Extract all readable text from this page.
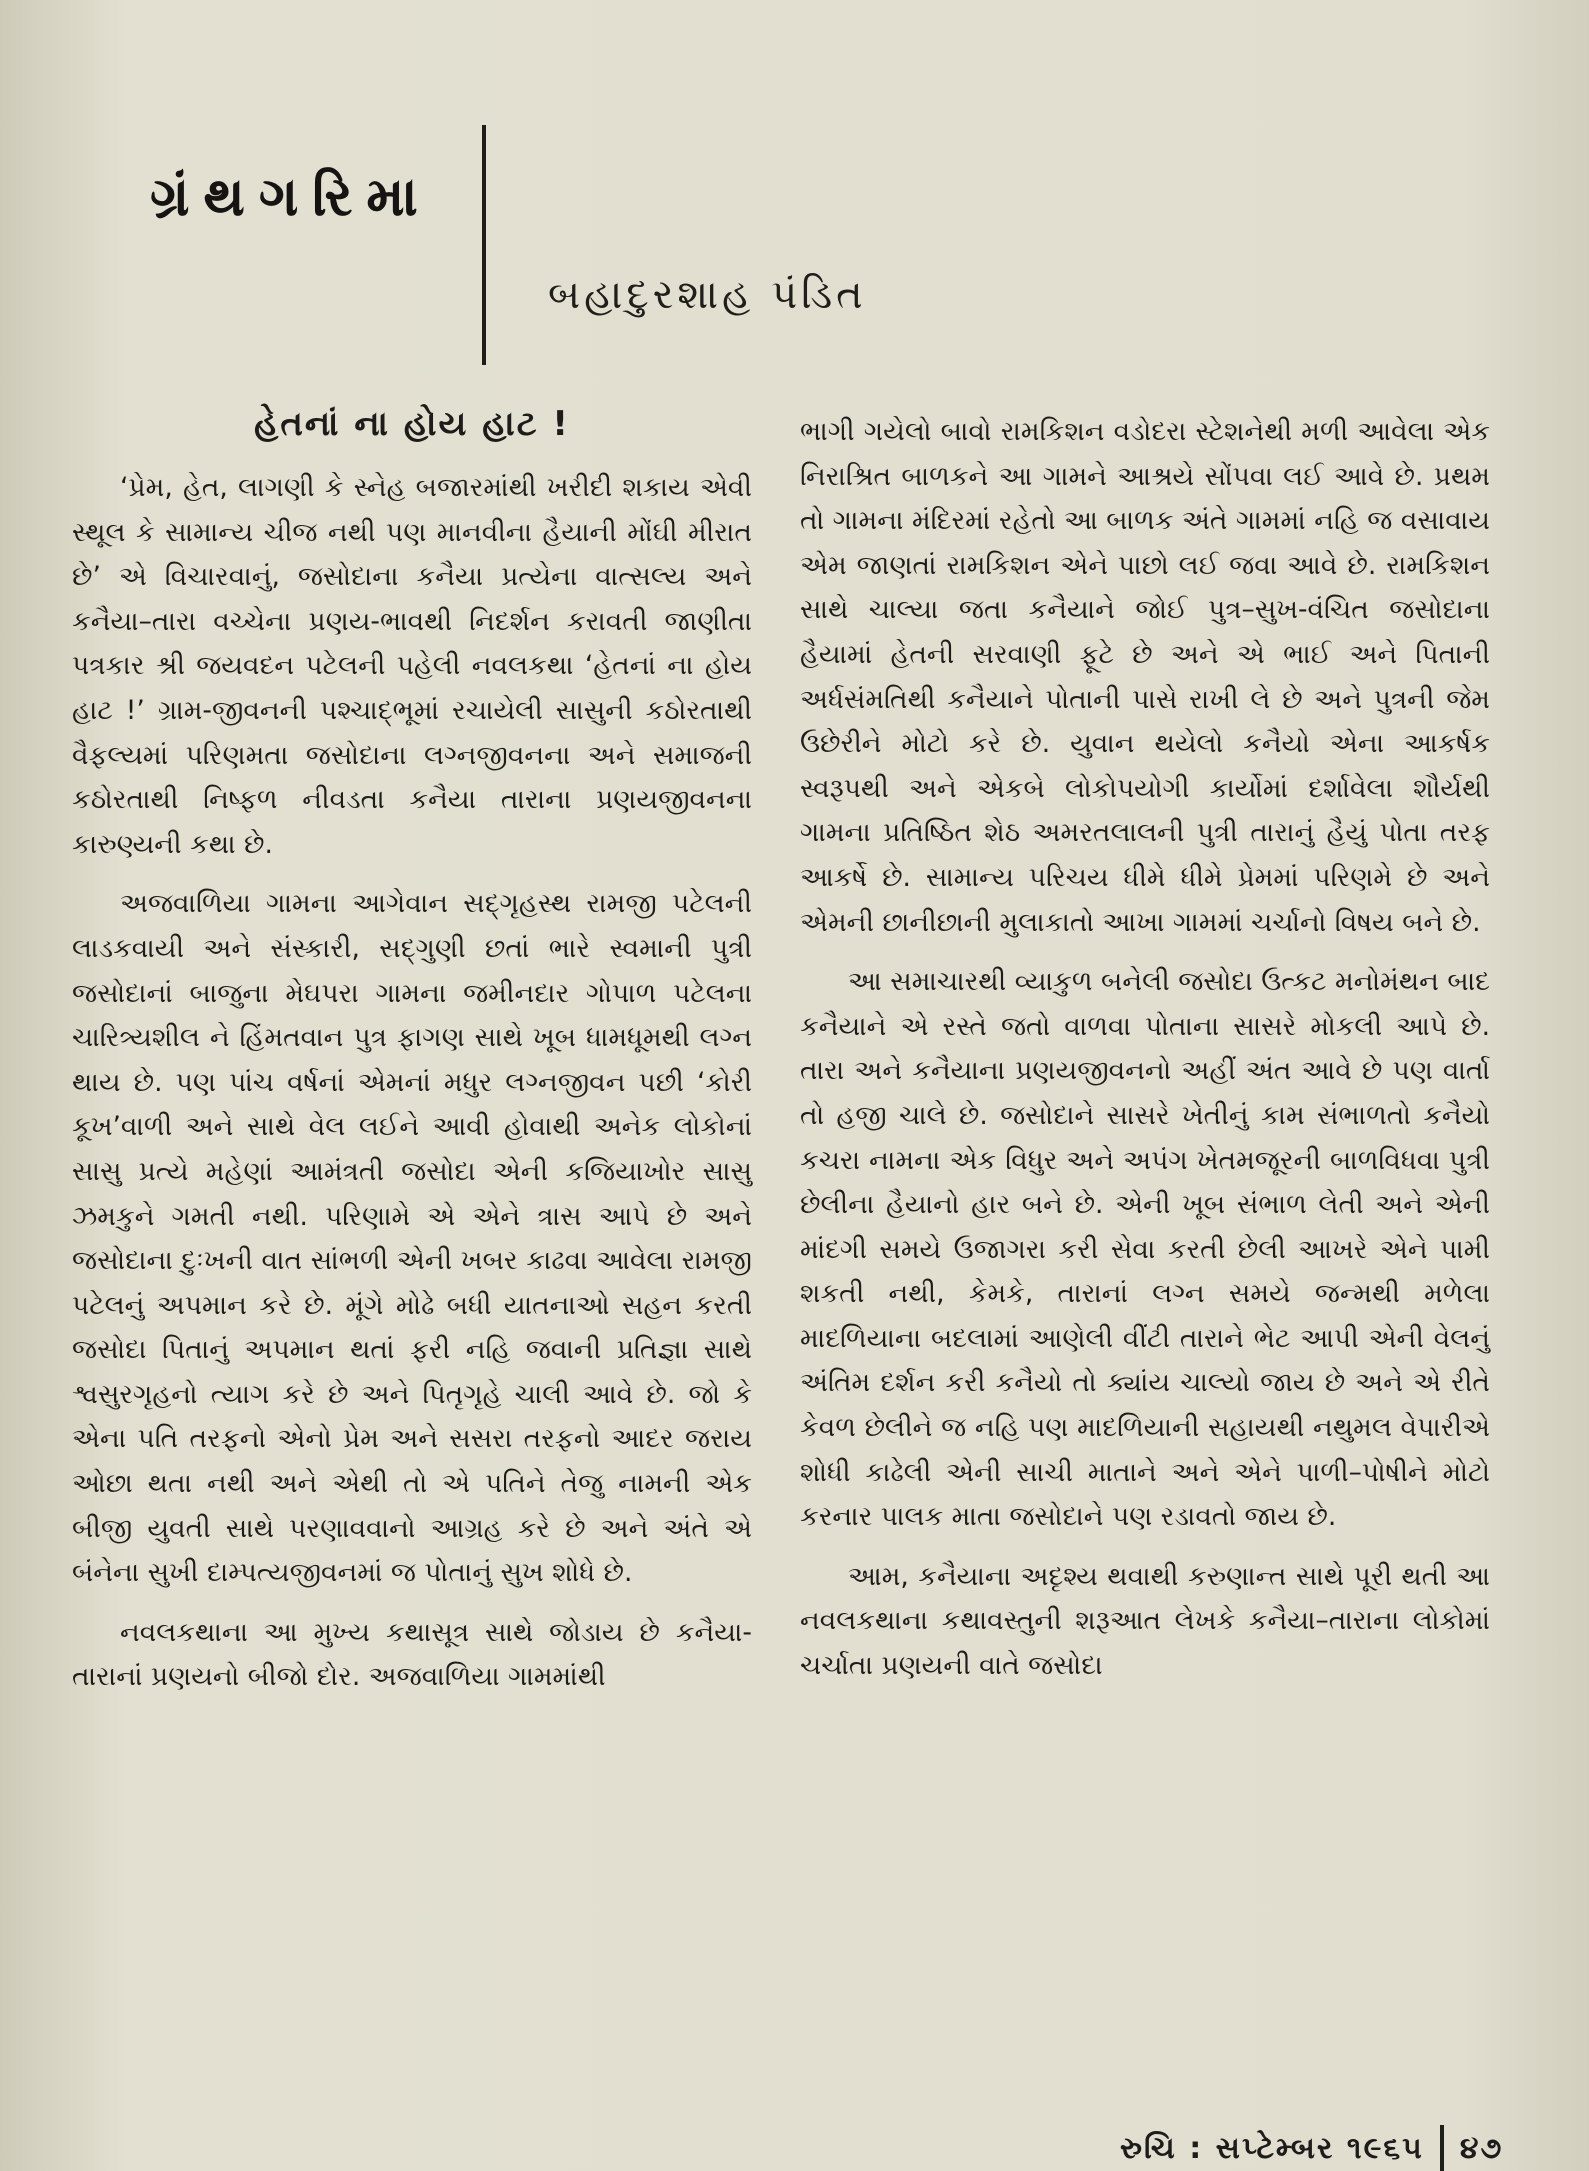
ગ્રંથગરિમા
બહાદુરશાહ પંડિત
હેતનાં ના હોય હાટ !

‘પ્રેમ, હેત, લાગણી કે સ્નેહ બજારમાંથી ખરીદી શકાય એવી સ્થૂલ કે સામાન્ય ચીજ નથી પણ માનવીના હૈયાની મોંઘી મીરાત છે’ એ વિચારવાનું, જસોદાના કનૈયા પ્રત્યેના વાત્સલ્ય અને કનૈયા–તારા વચ્ચેના પ્રણય-ભાવથી નિદર્શન કરાવતી જાણીતા પત્રકાર શ્રી જયવદન પટેલની પહેલી નવલકથા ‘હેતનાં ના હોય હાટ !’ ગ્રામ-જીવનની પશ્ચાદ્‌ભૂમાં રચાયેલી સાસુની કઠોરતાથી વૈફલ્યમાં પરિણમતા જસોદાના લગ્નજીવનના અને સમાજની કઠોરતાથી નિષ્ફળ નીવડતા કનૈયા તારાના પ્રણયજીવનના કારુણ્યની કથા છે.

અજવાળિયા ગામના આગેવાન સદ્‌ગૃહસ્થ રામજી પટેલની લાડકવાયી અને સંસ્કારી, સદ્‌ગુણી છતાં ભારે સ્વમાની પુત્રી જસોદાનાં બાજુના મેઘપરા ગામના જમીનદાર ગોપાળ પટેલના ચારિત્ર્યશીલ ને હિંમતવાન પુત્ર ફાગણ સાથે ખૂબ ધામધૂમથી લગ્ન થાય છે. પણ પાંચ વર્ષનાં એમનાં મધુર લગ્નજીવન પછી ‘કોરી કૂખ’વાળી અને સાથે વેલ લઈને આવી હોવાથી અનેક લોકોનાં સાસુ પ્રત્યે મહેણાં આમંત્રતી જસોદા એની કજિયાખોર સાસુ ઝમકુને ગમતી નથી. પરિણામે એ એને ત્રાસ આપે છે અને જસોદાના દુઃખની વાત સાંભળી એની ખબર કાઢવા આવેલા રામજી પટેલનું અપમાન કરે છે. મૂંગે મોઢે બધી યાતનાઓ સહન કરતી જસોદા પિતાનું અપમાન થતાં ફરી નહિ જવાની પ્રતિજ્ઞા સાથે શ્વસુરગૃહનો ત્યાગ કરે છે અને પિતૃગૃહે ચાલી આવે છે. જો કે એના પતિ તરફનો એનો પ્રેમ અને સસરા તરફનો આદર જરાય ઓછા થતા નથી અને એથી તો એ પતિને તેજુ નામની એક બીજી યુવતી સાથે પરણાવવાનો આગ્રહ કરે છે અને અંતે એ બંનેના સુખી દામ્પત્યજીવનમાં જ પોતાનું સુખ શોધે છે.

નવલકથાના આ મુખ્ય કથાસૂત્ર સાથે જોડાય છે કનૈયા-તારાનાં પ્રણયનો બીજો દોર. અજવાળિયા ગામમાંથી

ભાગી ગયેલો બાવો રામકિશન વડોદરા સ્ટેશનેથી મળી આવેલા એક નિરાશ્રિત બાળકને આ ગામને આશ્રયે સોંપવા લઈ આવે છે. પ્રથમ તો ગામના મંદિરમાં રહેતો આ બાળક અંતે ગામમાં નહિ જ વસાવાય એમ જાણતાં રામકિશન એને પાછો લઈ જવા આવે છે. રામકિશન સાથે ચાલ્યા જતા કનૈયાને જોઈ પુત્ર–સુખ-વંચિત જસોદાના હૈયામાં હેતની સરવાણી ફૂટે છે અને એ ભાઈ અને પિતાની અર્ધસંમતિથી કનૈયાને પોતાની પાસે રાખી લે છે અને પુત્રની જેમ ઉછેરીને મોટો કરે છે. યુવાન થયેલો કનૈયો એના આકર્ષક સ્વરૂપથી અને એકબે લોકોપયોગી કાર્યોમાં દર્શાવેલા શૌર્યથી ગામના પ્રતિષ્ઠિત શેઠ અમરતલાલની પુત્રી તારાનું હૈયું પોતા તરફ આકર્ષે છે. સામાન્ય પરિચય ધીમે ધીમે પ્રેમમાં પરિણમે છે અને એમની છાનીછાની મુલાકાતો આખા ગામમાં ચર્ચાનો વિષય બને છે.

આ સમાચારથી વ્યાકુળ બનેલી જસોદા ઉત્કટ મનોમંથન બાદ કનૈયાને એ રસ્તે જતો વાળવા પોતાના સાસરે મોકલી આપે છે. તારા અને કનૈયાના પ્રણયજીવનનો અહીં અંત આવે છે પણ વાર્તા તો હજી ચાલે છે. જસોદાને સાસરે ખેતીનું કામ સંભાળતો કનૈયો કચરા નામના એક વિધુર અને અપંગ ખેતમજૂરની બાળવિધવા પુત્રી છેલીના હૈયાનો હાર બને છે. એની ખૂબ સંભાળ લેતી અને એની માંદગી સમયે ઉજાગરા કરી સેવા કરતી છેલી આખરે એને પામી શકતી નથી, કેમકે, તારાનાં લગ્ન સમયે જન્મથી મળેલા માદળિયાના બદલામાં આણેલી વીંટી તારાને ભેટ આપી એની વેલનું અંતિમ દર્શન કરી કનૈયો તો ક્યાંય ચાલ્યો જાય છે અને એ રીતે કેવળ છેલીને જ નહિ પણ માદળિયાની સહાયથી નથુમલ વેપારીએ શોધી કાઢેલી એની સાચી માતાને અને એને પાળી–પોષીને મોટો કરનાર પાલક માતા જસોદાને પણ રડાવતો જાય છે.

આમ, કનૈયાના અદૃશ્ય થવાથી કરુણાન્ત સાથે પૂરી થતી આ નવલકથાના કથાવસ્તુની શરૂઆત લેખકે કનૈયા–તારાના લોકોમાં ચર્ચાતા પ્રણયની વાતે જસોદા

રુચિ : સપ્ટેમ્બર ૧૯૬૫ ૪૭
